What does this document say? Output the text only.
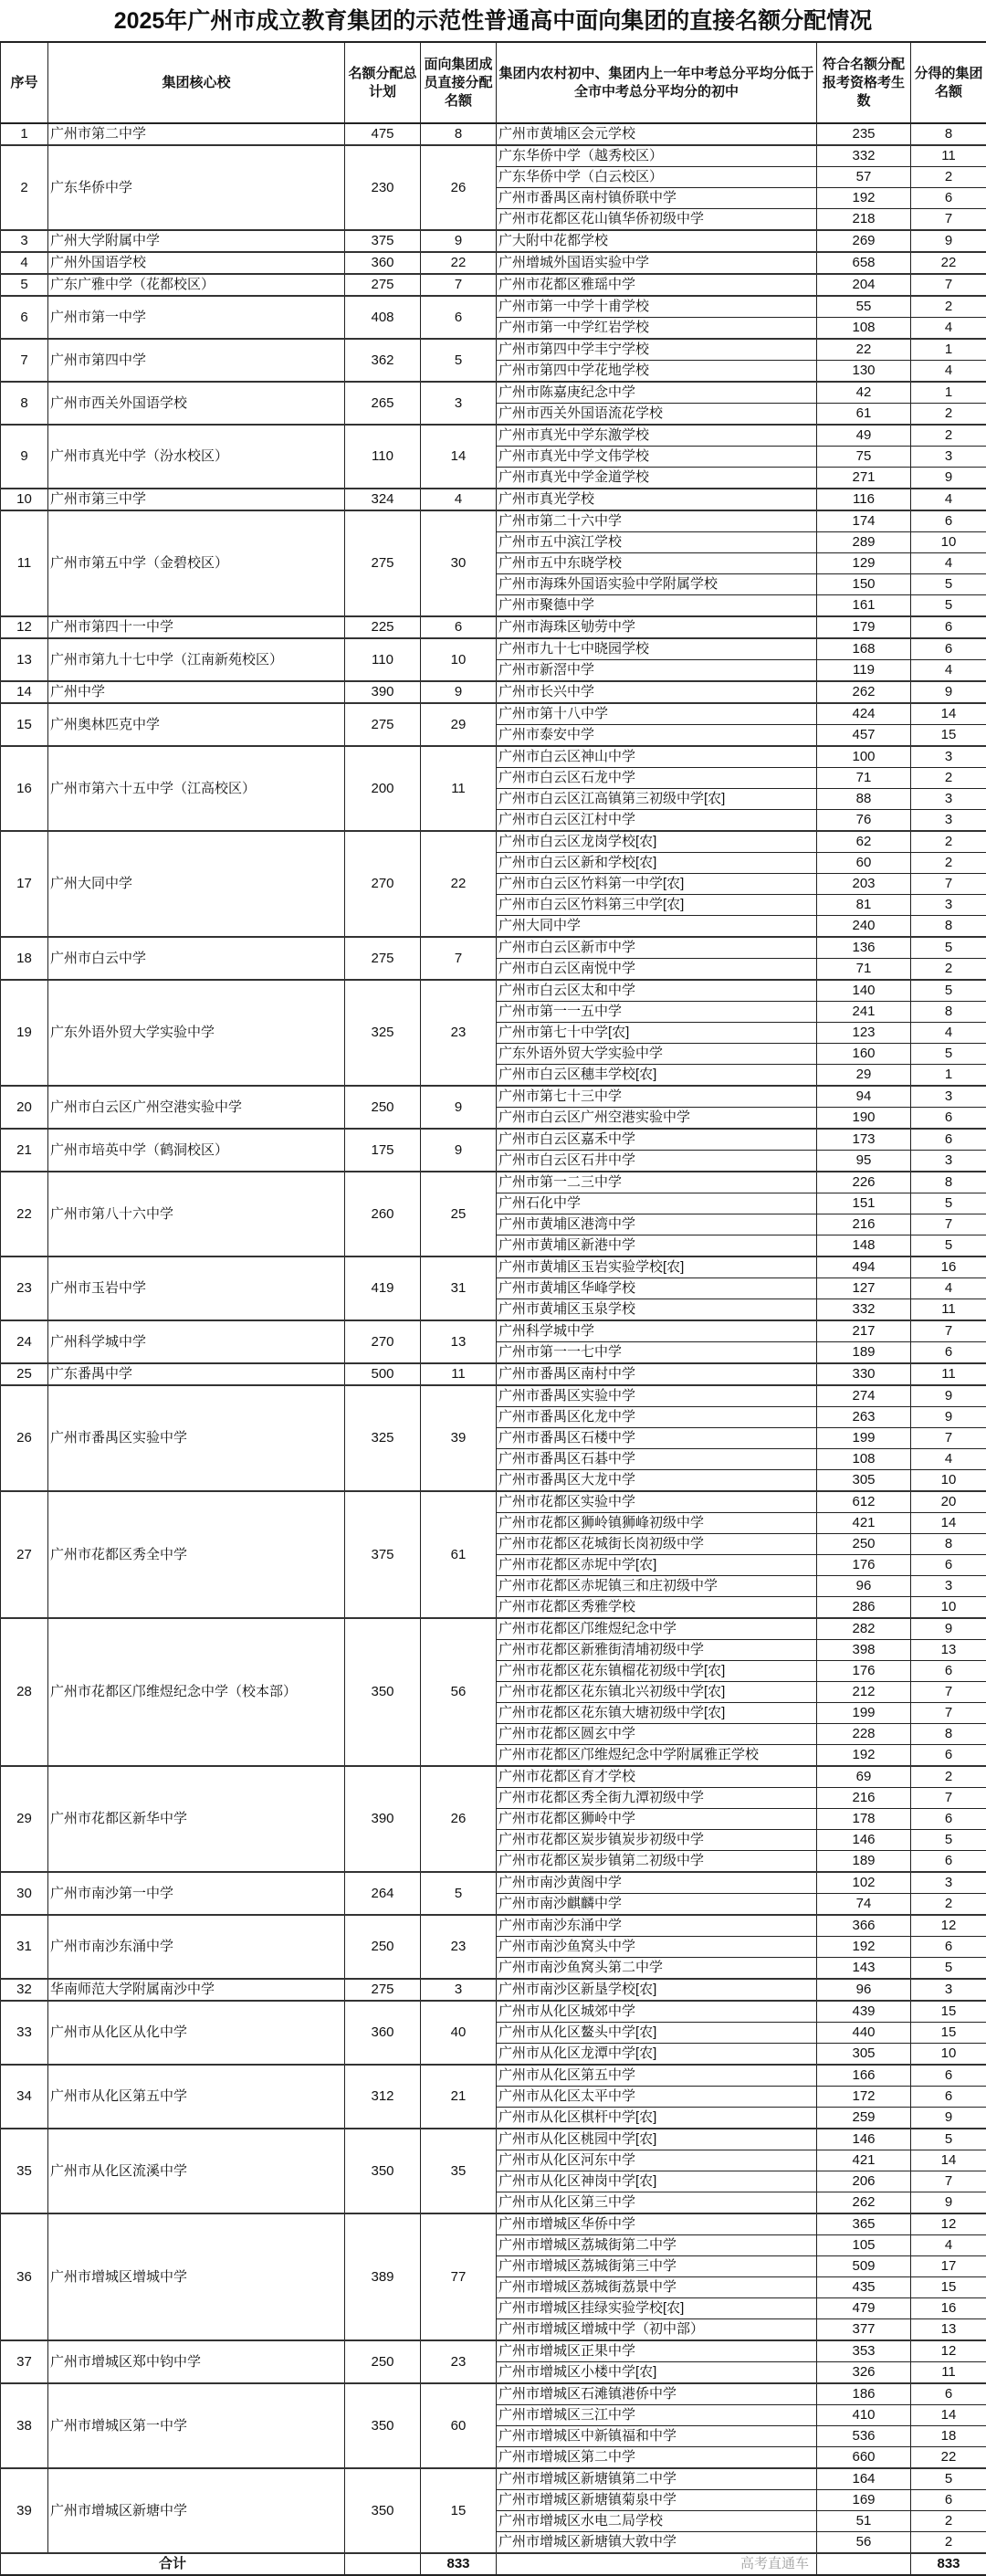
2025年广州市成立教育集团的示范性普通高中面向集团的直接名额分配情况
序号	集团核心校	名额分配总计划	面向集团成员直接分配名额	集团内农村初中、集团内上一年中考总分平均分低于全市中考总分平均分的初中	符合名额分配报考资格考生数	分得的集团名额
1	广州市第二中学	475	8	广州市黄埔区会元学校	235	8
2	广东华侨中学	230	26	广东华侨中学（越秀校区）	332	11
				广东华侨中学（白云校区）	57	2
				广州市番禺区南村镇侨联中学	192	6
				广州市花都区花山镇华侨初级中学	218	7
3	广州大学附属中学	375	9	广大附中花都学校	269	9
4	广州外国语学校	360	22	广州增城外国语实验中学	658	22
5	广东广雅中学（花都校区）	275	7	广州市花都区雅瑶中学	204	7
6	广州市第一中学	408	6	广州市第一中学十甫学校	55	2
				广州市第一中学红岩学校	108	4
7	广州市第四中学	362	5	广州市第四中学丰宁学校	22	1
				广州市第四中学花地学校	130	4
8	广州市西关外国语学校	265	3	广州市陈嘉庚纪念中学	42	1
				广州市西关外国语流花学校	61	2
9	广州市真光中学（汾水校区）	110	14	广州市真光中学东激学校	49	2
				广州市真光中学文伟学校	75	3
				广州市真光中学金道学校	271	9
10	广州市第三中学	324	4	广州市真光学校	116	4
11	广州市第五中学（金碧校区）	275	30	广州市第二十六中学	174	6
				广州市五中滨江学校	289	10
				广州市五中东晓学校	129	4
				广州市海珠外国语实验中学附属学校	150	5
				广州市聚德中学	161	5
12	广州市第四十一中学	225	6	广州市海珠区劬劳中学	179	6
13	广州市第九十七中学（江南新苑校区）	110	10	广州市九十七中晓园学校	168	6
				广州市新滘中学	119	4
14	广州中学	390	9	广州市长兴中学	262	9
15	广州奥林匹克中学	275	29	广州市第十八中学	424	14
				广州市泰安中学	457	15
16	广州市第六十五中学（江高校区）	200	11	广州市白云区神山中学	100	3
				广州市白云区石龙中学	71	2
				广州市白云区江高镇第三初级中学[农]	88	3
				广州市白云区江村中学	76	3
17	广州大同中学	270	22	广州市白云区龙岗学校[农]	62	2
				广州市白云区新和学校[农]	60	2
				广州市白云区竹料第一中学[农]	203	7
				广州市白云区竹料第三中学[农]	81	3
				广州大同中学	240	8
18	广州市白云中学	275	7	广州市白云区新市中学	136	5
				广州市白云区南悦中学	71	2
19	广东外语外贸大学实验中学	325	23	广州市白云区太和中学	140	5
				广州市第一一五中学	241	8
				广州市第七十中学[农]	123	4
				广东外语外贸大学实验中学	160	5
				广州市白云区穗丰学校[农]	29	1
20	广州市白云区广州空港实验中学	250	9	广州市第七十三中学	94	3
				广州市白云区广州空港实验中学	190	6
21	广州市培英中学（鹤洞校区）	175	9	广州市白云区嘉禾中学	173	6
				广州市白云区石井中学	95	3
22	广州市第八十六中学	260	25	广州市第一二三中学	226	8
				广州石化中学	151	5
				广州市黄埔区港湾中学	216	7
				广州市黄埔区新港中学	148	5
23	广州市玉岩中学	419	31	广州市黄埔区玉岩实验学校[农]	494	16
				广州市黄埔区华峰学校	127	4
				广州市黄埔区玉泉学校	332	11
24	广州科学城中学	270	13	广州科学城中学	217	7
				广州市第一一七中学	189	6
25	广东番禺中学	500	11	广州市番禺区南村中学	330	11
26	广州市番禺区实验中学	325	39	广州市番禺区实验中学	274	9
				广州市番禺区化龙中学	263	9
				广州市番禺区石楼中学	199	7
				广州市番禺区石碁中学	108	4
				广州市番禺区大龙中学	305	10
27	广州市花都区秀全中学	375	61	广州市花都区实验中学	612	20
				广州市花都区狮岭镇狮峰初级中学	421	14
				广州市花都区花城街长岗初级中学	250	8
				广州市花都区赤坭中学[农]	176	6
				广州市花都区赤坭镇三和庄初级中学	96	3
				广州市花都区秀雅学校	286	10
28	广州市花都区邝维煜纪念中学（校本部）	350	56	广州市花都区邝维煜纪念中学	282	9
				广州市花都区新雅街清埔初级中学	398	13
				广州市花都区花东镇榴花初级中学[农]	176	6
				广州市花都区花东镇北兴初级中学[农]	212	7
				广州市花都区花东镇大塘初级中学[农]	199	7
				广州市花都区圆玄中学	228	8
				广州市花都区邝维煜纪念中学附属雅正学校	192	6
29	广州市花都区新华中学	390	26	广州市花都区育才学校	69	2
				广州市花都区秀全街九潭初级中学	216	7
				广州市花都区狮岭中学	178	6
				广州市花都区炭步镇炭步初级中学	146	5
				广州市花都区炭步镇第二初级中学	189	6
30	广州市南沙第一中学	264	5	广州市南沙黄阁中学	102	3
				广州市南沙麒麟中学	74	2
31	广州市南沙东涌中学	250	23	广州市南沙东涌中学	366	12
				广州市南沙鱼窝头中学	192	6
				广州市南沙鱼窝头第二中学	143	5
32	华南师范大学附属南沙中学	275	3	广州市南沙区新垦学校[农]	96	3
33	广州市从化区从化中学	360	40	广州市从化区城郊中学	439	15
				广州市从化区鳌头中学[农]	440	15
				广州市从化区龙潭中学[农]	305	10
34	广州市从化区第五中学	312	21	广州市从化区第五中学	166	6
				广州市从化区太平中学	172	6
				广州市从化区棋杆中学[农]	259	9
35	广州市从化区流溪中学	350	35	广州市从化区桃园中学[农]	146	5
				广州市从化区河东中学	421	14
				广州市从化区神岗中学[农]	206	7
				广州市从化区第三中学	262	9
36	广州市增城区增城中学	389	77	广州市增城区华侨中学	365	12
				广州市增城区荔城街第二中学	105	4
				广州市增城区荔城街第三中学	509	17
				广州市增城区荔城街荔景中学	435	15
				广州市增城区挂绿实验学校[农]	479	16
				广州市增城区增城中学（初中部）	377	13
37	广州市增城区郑中钧中学	250	23	广州市增城区正果中学	353	12
				广州市增城区小楼中学[农]	326	11
38	广州市增城区第一中学	350	60	广州市增城区石滩镇港侨中学	186	6
				广州市增城区三江中学	410	14
				广州市增城区中新镇福和中学	536	18
				广州市增城区第二中学	660	22
39	广州市增城区新塘中学	350	15	广州市增城区新塘镇第二中学	164	5
				广州市增城区新塘镇菊泉中学	169	6
				广州市增城区水电二局学校	51	2
				广州市增城区新塘镇大敦中学	56	2
合计			833	高考直通车		833
